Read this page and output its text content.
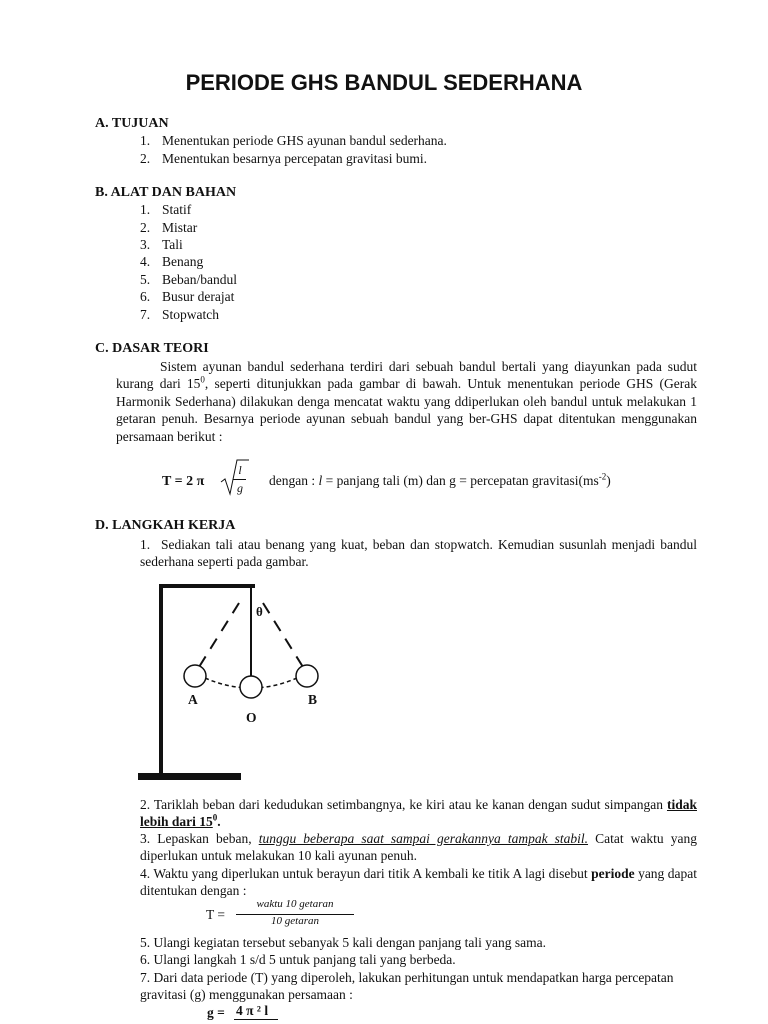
PERIODE GHS BANDUL SEDERHANA
A. TUJUAN
1. Menentukan periode GHS ayunan bandul sederhana.
2. Menentukan besarnya percepatan gravitasi bumi.
B. ALAT DAN BAHAN
1. Statif
2. Mistar
3. Tali
4. Benang
5. Beban/bandul
6. Busur derajat
7. Stopwatch
C. DASAR TEORI
Sistem ayunan bandul sederhana terdiri dari sebuah bandul bertali yang diayunkan pada sudut kurang dari $15^0$, seperti ditunjukkan pada gambar di bawah. Untuk menentukan periode GHS (Gerak Harmonik Sederhana) dilakukan denga mencatat waktu yang ddiperlukan oleh bandul untuk melakukan 1 getaran penuh. Besarnya periode ayunan sebuah bandul yang ber-GHS dapat ditentukan menggunakan persamaan berikut :
T = 2 π
l
g dengan : l = panjang tali (m) dan g = percepatan $gravitasi(ms^{-2})$
D. LANGKAH KERJA
1. Sediakan tali atau benang yang kuat, beban dan stopwatch. Kemudian susunlah menjadi bandul sederhana seperti pada gambar.
θ
A
O
B
2. Tariklah beban dari kedudukan setimbangnya, ke kiri atau ke kanan dengan sudut simpangan tidak lebih dari $15^0$.
3. Lepaskan beban, tunggu beberapa saat sampai gerakannya tampak stabil. Catat waktu yang diperlukan untuk melakukan 10 kali ayunan penuh.
4. Waktu yang diperlukan untuk berayun dari titik A kembali ke titik A lagi disebut periode yang dapat ditentukan dengan :
T =
waktu 10 getaran
10 getaran
5. Ulangi kegiatan tersebut sebanyak 5 kali dengan panjang tali yang sama.
6. Ulangi langkah 1 s/d 5 untuk panjang tali yang berbeda.
7. Dari data periode (T) yang diperoleh, lakukan perhitungan untuk mendapatkan harga percepatan gravitasi (g) menggunakan persamaan :
g = 4 π ² l
